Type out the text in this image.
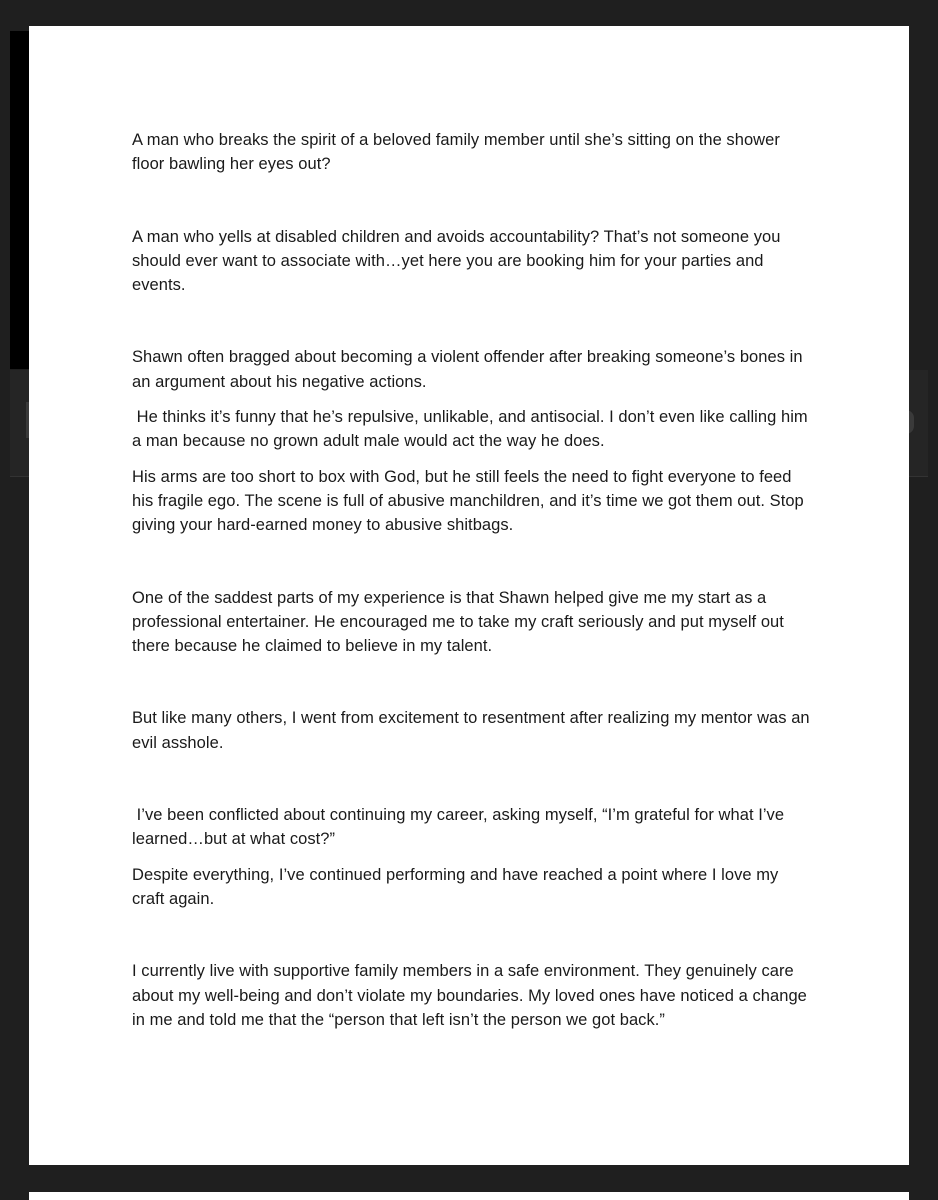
A man who breaks the spirit of a beloved family member until she’s sitting on the shower floor bawling her eyes out?

A man who yells at disabled children and avoids accountability? That’s not someone you should ever want to associate with…yet here you are booking him for your parties and events.

Shawn often bragged about becoming a violent offender after breaking someone’s bones in an argument about his negative actions.

He thinks it’s funny that he’s repulsive, unlikable, and antisocial. I don’t even like calling him a man because no grown adult male would act the way he does.

His arms are too short to box with God, but he still feels the need to fight everyone to feed his fragile ego. The scene is full of abusive manchildren, and it’s time we got them out. Stop giving your hard-earned money to abusive shitbags.

One of the saddest parts of my experience is that Shawn helped give me my start as a professional entertainer. He encouraged me to take my craft seriously and put myself out there because he claimed to believe in my talent.

But like many others, I went from excitement to resentment after realizing my mentor was an evil asshole.

I’ve been conflicted about continuing my career, asking myself, “I’m grateful for what I’ve learned…but at what cost?”

Despite everything, I’ve continued performing and have reached a point where I love my craft again.

I currently live with supportive family members in a safe environment. They genuinely care about my well-being and don’t violate my boundaries. My loved ones have noticed a change in me and told me that the “person that left isn’t the person we got back.”
